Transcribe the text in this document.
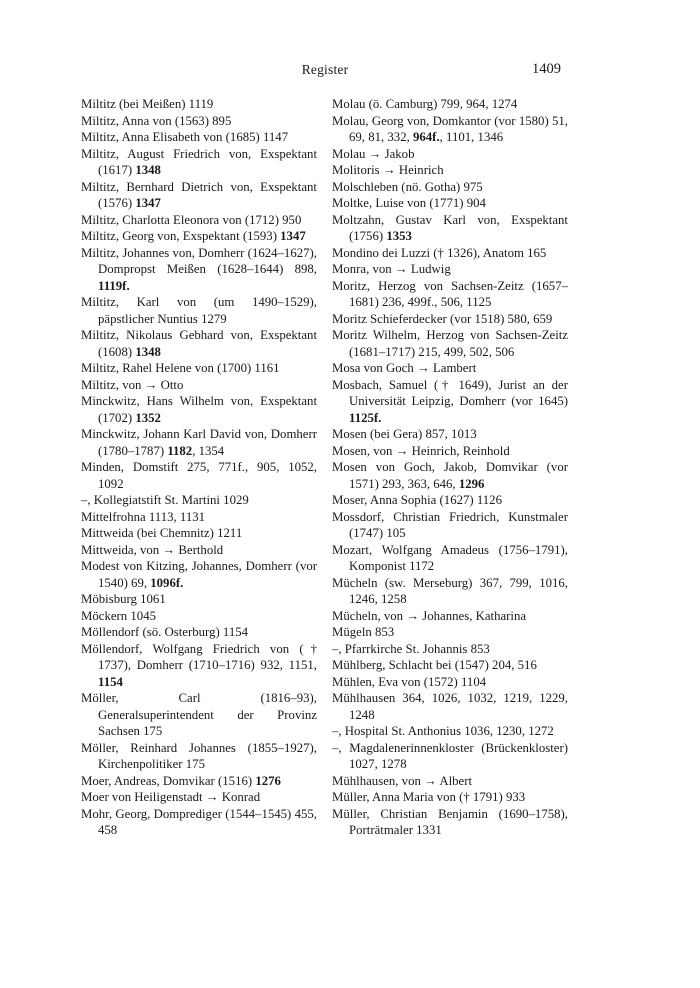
Register	1409
Miltitz (bei Meißen) 1119
Miltitz, Anna von (1563) 895
Miltitz, Anna Elisabeth von (1685) 1147
Miltitz, August Friedrich von, Exspektant (1617) 1348
Miltitz, Bernhard Dietrich von, Exspektant (1576) 1347
Miltitz, Charlotta Eleonora von (1712) 950
Miltitz, Georg von, Exspektant (1593) 1347
Miltitz, Johannes von, Domherr (1624–1627), Dompropst Meißen (1628–1644) 898, 1119f.
Miltitz, Karl von (um 1490–1529), päpstlicher Nuntius 1279
Miltitz, Nikolaus Gebhard von, Exspektant (1608) 1348
Miltitz, Rahel Helene von (1700) 1161
Miltitz, von → Otto
Minckwitz, Hans Wilhelm von, Exspektant (1702) 1352
Minckwitz, Johann Karl David von, Domherr (1780–1787) 1182, 1354
Minden, Domstift 275, 771f., 905, 1052, 1092
–, Kollegiatstift St. Martini 1029
Mittelfrohna 1113, 1131
Mittweida (bei Chemnitz) 1211
Mittweida, von → Berthold
Modest von Kitzing, Johannes, Domherr (vor 1540) 69, 1096f.
Möbisburg 1061
Möckern 1045
Möllendorf (sö. Osterburg) 1154
Möllendorf, Wolfgang Friedrich von († 1737), Domherr (1710–1716) 932, 1151, 1154
Möller, Carl (1816–93), Generalsuperintendent der Provinz Sachsen 175
Möller, Reinhard Johannes (1855–1927), Kirchenpolitiker 175
Moer, Andreas, Domvikar (1516) 1276
Moer von Heiligenstadt → Konrad
Mohr, Georg, Domprediger (1544–1545) 455, 458
Molau (ö. Camburg) 799, 964, 1274
Molau, Georg von, Domkantor (vor 1580) 51, 69, 81, 332, 964f., 1101, 1346
Molau → Jakob
Molitoris → Heinrich
Molschleben (nö. Gotha) 975
Moltke, Luise von (1771) 904
Moltzahn, Gustav Karl von, Exspektant (1756) 1353
Mondino dei Luzzi († 1326), Anatom 165
Monra, von → Ludwig
Moritz, Herzog von Sachsen-Zeitz (1657–1681) 236, 499f., 506, 1125
Moritz Schieferdecker (vor 1518) 580, 659
Moritz Wilhelm, Herzog von Sachsen-Zeitz (1681–1717) 215, 499, 502, 506
Mosa von Goch → Lambert
Mosbach, Samuel († 1649), Jurist an der Universität Leipzig, Domherr (vor 1645) 1125f.
Mosen (bei Gera) 857, 1013
Mosen, von → Heinrich, Reinhold
Mosen von Goch, Jakob, Domvikar (vor 1571) 293, 363, 646, 1296
Moser, Anna Sophia (1627) 1126
Mossdorf, Christian Friedrich, Kunstmaler (1747) 105
Mozart, Wolfgang Amadeus (1756–1791), Komponist 1172
Mücheln (sw. Merseburg) 367, 799, 1016, 1246, 1258
Mücheln, von → Johannes, Katharina
Mügeln 853
–, Pfarrkirche St. Johannis 853
Mühlberg, Schlacht bei (1547) 204, 516
Mühlen, Eva von (1572) 1104
Mühlhausen 364, 1026, 1032, 1219, 1229, 1248
–, Hospital St. Anthonius 1036, 1230, 1272
–, Magdalenerinnenkloster (Brückenkloster) 1027, 1278
Mühlhausen, von → Albert
Müller, Anna Maria von († 1791) 933
Müller, Christian Benjamin (1690–1758), Porträtmaler 1331
